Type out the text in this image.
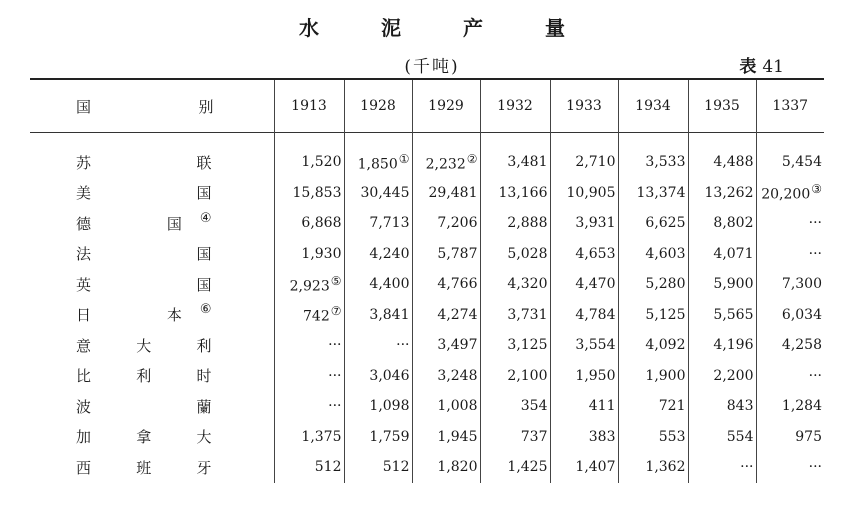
水泥产量
(千吨)	表 41
国 别	1913	1928	1929	1932	1933	1934	1935	1337

苏 联	1,520	1,850①	2,232②	3,481	2,710	3,533	4,488	5,454

美 国	15,853	30,445	29,481	13,166	10,905	13,374	13,262	20,200③

德 国 ④	6,868	7,713	7,206	2,888	3,931	6,625	8,802	···

法 国	1,930	4,240	5,787	5,028	4,653	4,603	4,071	···

英 国	2,923⑤	4,400	4,766	4,320	4,470	5,280	5,900	7,300

日 本 ⑥	742⑦	3,841	4,274	3,731	4,784	5,125	5,565	6,034

意 大 利	···	···	3,497	3,125	3,554	4,092	4,196	4,258

比 利 时	···	3,046	3,248	2,100	1,950	1,900	2,200	···

波 蘭	···	1,098	1,008	354	411	721	843	1,284

加 拿 大	1,375	1,759	1,945	737	383	553	554	975

西 班 牙	512	512	1,820	1,425	1,407	1,362	···	···
